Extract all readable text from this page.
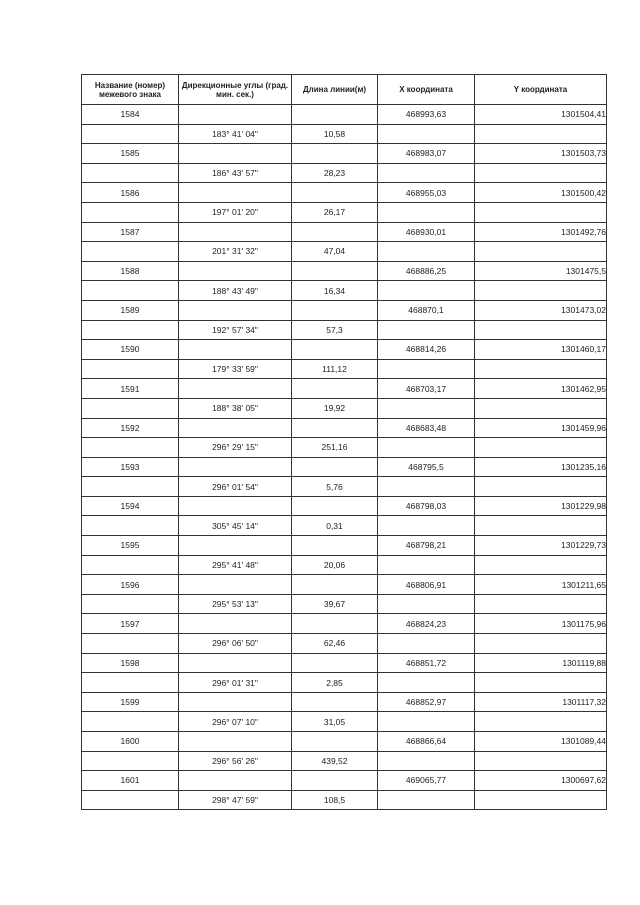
Название (номер) межевого знака	Дирекционные углы (град. мин. сек.)	Длина линии(м)	X координата	Y координата
1584			468993,63	1301504,41
	183° 41' 04"	10,58		
1585			468983,07	1301503,73
	186° 43' 57"	28,23		
1586			468955,03	1301500,42
	197° 01' 20"	26,17		
1587			468930,01	1301492,76
	201° 31' 32"	47,04		
1588			468886,25	1301475,5
	188° 43' 49"	16,34		
1589			468870,1	1301473,02
	192° 57' 34"	57,3		
1590			468814,26	1301460,17
	179° 33' 59"	111,12		
1591			468703,17	1301462,95
	188° 38' 05"	19,92		
1592			468683,48	1301459,96
	296° 29' 15"	251,16		
1593			468795,5	1301235,16
	296° 01' 54"	5,76		
1594			468798,03	1301229,98
	305° 45' 14"	0,31		
1595			468798,21	1301229,73
	295° 41' 48"	20,06		
1596			468806,91	1301211,65
	295° 53' 13"	39,67		
1597			468824,23	1301175,96
	296° 06' 50"	62,46		
1598			468851,72	1301119,88
	296° 01' 31"	2,85		
1599			468852,97	1301117,32
	296° 07' 10"	31,05		
1600			468866,64	1301089,44
	296° 56' 26"	439,52		
1601			469065,77	1300697,62
	298° 47' 59"	108,5		
